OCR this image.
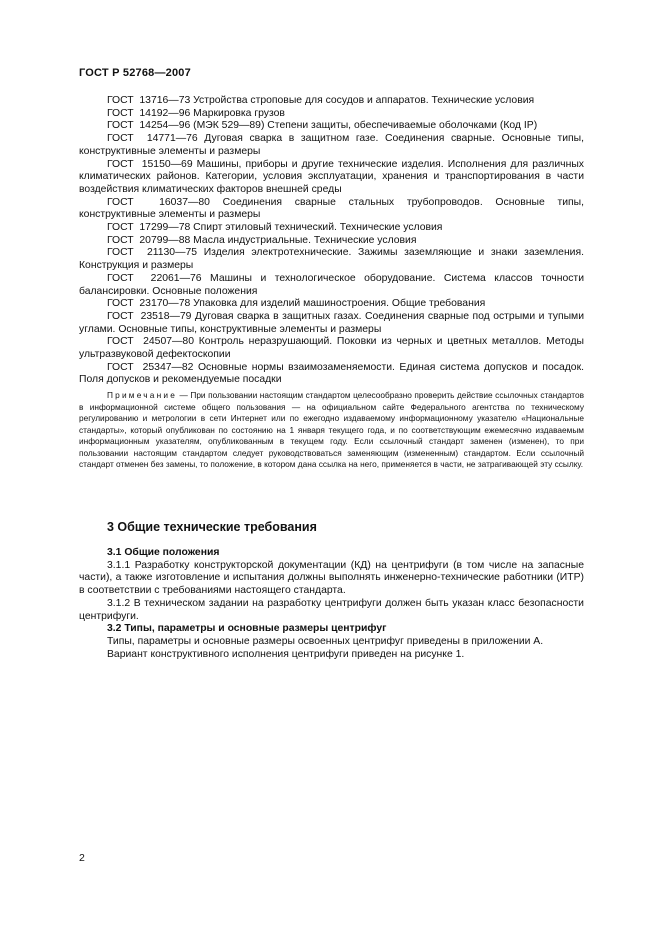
ГОСТ Р 52768—2007

ГОСТ  13716—73 Устройства строповые для сосудов и аппаратов. Технические условия

ГОСТ  14192—96 Маркировка грузов

ГОСТ  14254—96 (МЭК 529—89) Степени защиты, обеспечиваемые оболочками (Код IP)

ГОСТ  14771—76 Дуговая сварка в защитном газе. Соединения сварные. Основные типы, конструктивные элементы и размеры

ГОСТ  15150—69 Машины, приборы и другие технические изделия. Исполнения для различных климатических районов. Категории, условия эксплуатации, хранения и транспортирования в части воздействия климатических факторов внешней среды

ГОСТ  16037—80 Соединения сварные стальных трубопроводов. Основные типы, конструктивные элементы и размеры

ГОСТ  17299—78 Спирт этиловый технический. Технические условия

ГОСТ  20799—88 Масла индустриальные. Технические условия

ГОСТ  21130—75 Изделия электротехнические. Зажимы заземляющие и знаки заземления. Конструкция и размеры

ГОСТ  22061—76 Машины и технологическое оборудование. Система классов точности балансировки. Основные положения

ГОСТ  23170—78 Упаковка для изделий машиностроения. Общие требования

ГОСТ  23518—79 Дуговая сварка в защитных газах. Соединения сварные под острыми и тупыми углами. Основные типы, конструктивные элементы и размеры

ГОСТ  24507—80 Контроль неразрушающий. Поковки из черных и цветных металлов. Методы ультразвуковой дефектоскопии

ГОСТ  25347—82 Основные нормы взаимозаменяемости. Единая система допусков и посадок. Поля допусков и рекомендуемые посадки

Примечание — При пользовании настоящим стандартом целесообразно проверить действие ссылочных стандартов в информационной системе общего пользования — на официальном сайте Федерального агентства по техническому регулированию и метрологии в сети Интернет или по ежегодно издаваемому информационному указателю «Национальные стандарты», который опубликован по состоянию на 1 января текущего года, и по соответствующим ежемесячно издаваемым информационным указателям, опубликованным в текущем году. Если ссылочный стандарт заменен (изменен), то при пользовании настоящим стандартом следует руководствоваться заменяющим (измененным) стандартом. Если ссылочный стандарт отменен без замены, то положение, в котором дана ссылка на него, применяется в части, не затрагивающей эту ссылку.

3 Общие технические требования

3.1 Общие положения

3.1.1 Разработку конструкторской документации (КД) на центрифуги (в том числе на запасные части), а также изготовление и испытания должны выполнять инженерно-технические работники (ИТР) в соответствии с требованиями настоящего стандарта.

3.1.2 В техническом задании на разработку центрифуги должен быть указан класс безопасности центрифуги.

3.2 Типы, параметры и основные размеры центрифуг

Типы, параметры и основные размеры освоенных центрифуг приведены в приложении А.

Вариант конструктивного исполнения центрифуги приведен на рисунке 1.

2
